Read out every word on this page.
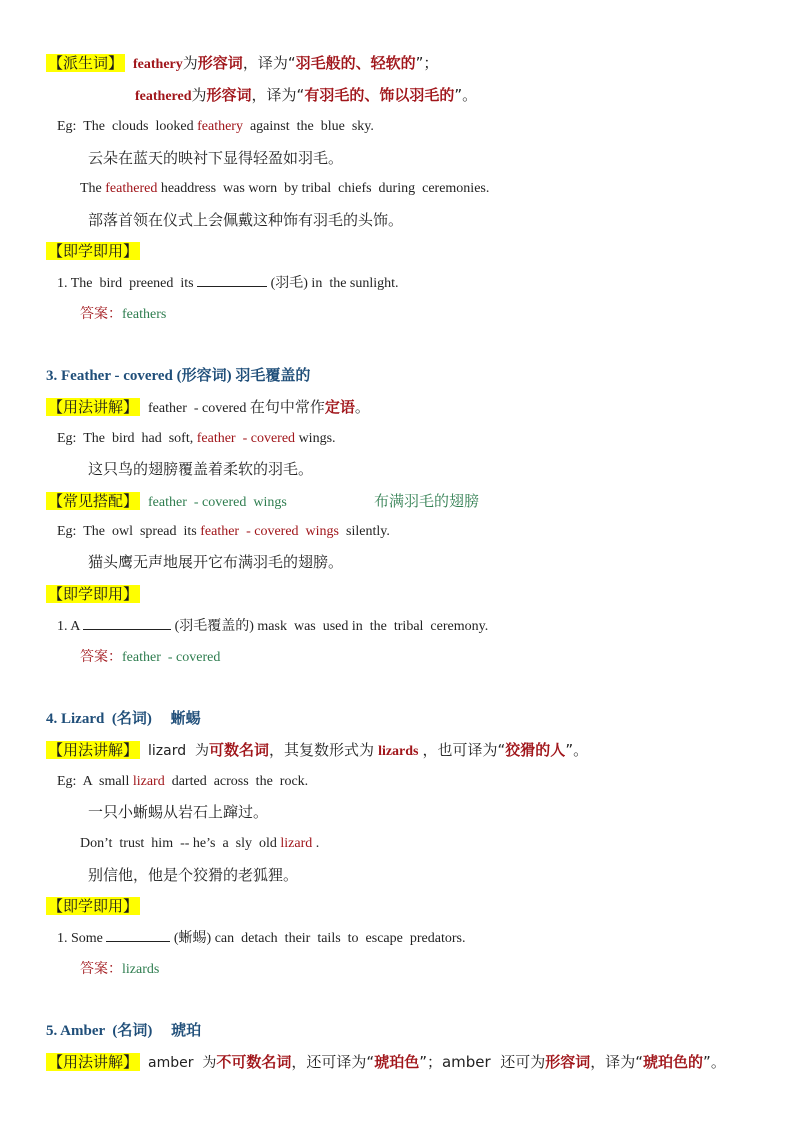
【派生词】 feathery为形容词，译为“羽毛般的、轻软的”；
feathered为形容词，译为“有羽毛的、饰以羽毛的”。
Eg:  The  clouds  looked feathery  against  the  blue  sky.
云朵在蓝天的映衬下显得轻盈如羽毛。
The feathered headdress  was worn  by tribal  chiefs  during  ceremonies.
部落首领在仪式上会佩戴这种饰有羽毛的头饰。
【即学即用】
1. The  bird  preened  its	(羽毛) in  the sunlight.
答案：feathers
3. Feather - covered (形容词) 羽毛覆盖的
【用法讲解】 feather  - covered 在句中常作定语。
Eg:  The  bird  had  soft, feather  - covered wings.
这只鸟的翅膀覆盖着柔软的羽毛。
【常见搭配】 feather  - covered  wings	布满羽毛的翅膀
Eg:  The  owl  spread  its feather  - covered  wings  silently.
猫头鹰无声地展开它布满羽毛的翅膀。
【即学即用】
1. A	(羽毛覆盖的) mask  was  used in  the  tribal  ceremony.
答案：feather  - covered
4. Lizard  (名词)     蜥蜴
【用法讲解】 lizard  为可数名词，其复数形式为 lizards ，也可译为“狡猾的人”。
Eg:  A  small lizard  darted  across  the  rock.
一只小蜥蜴从岩石上蹿过。
Don’t  trust  him  -- he’s  a  sly  old lizard .
别信他，他是个狡猾的老狐狸。
【即学即用】
1. Some	(蜥蜴) can  detach  their  tails  to  escape  predators.
答案：lizards
5. Amber  (名词)     琥珀
【用法讲解】 amber  为不可数名词，还可译为“琥珀色”；amber  还可为形容词，译为“琥珀色的”。
